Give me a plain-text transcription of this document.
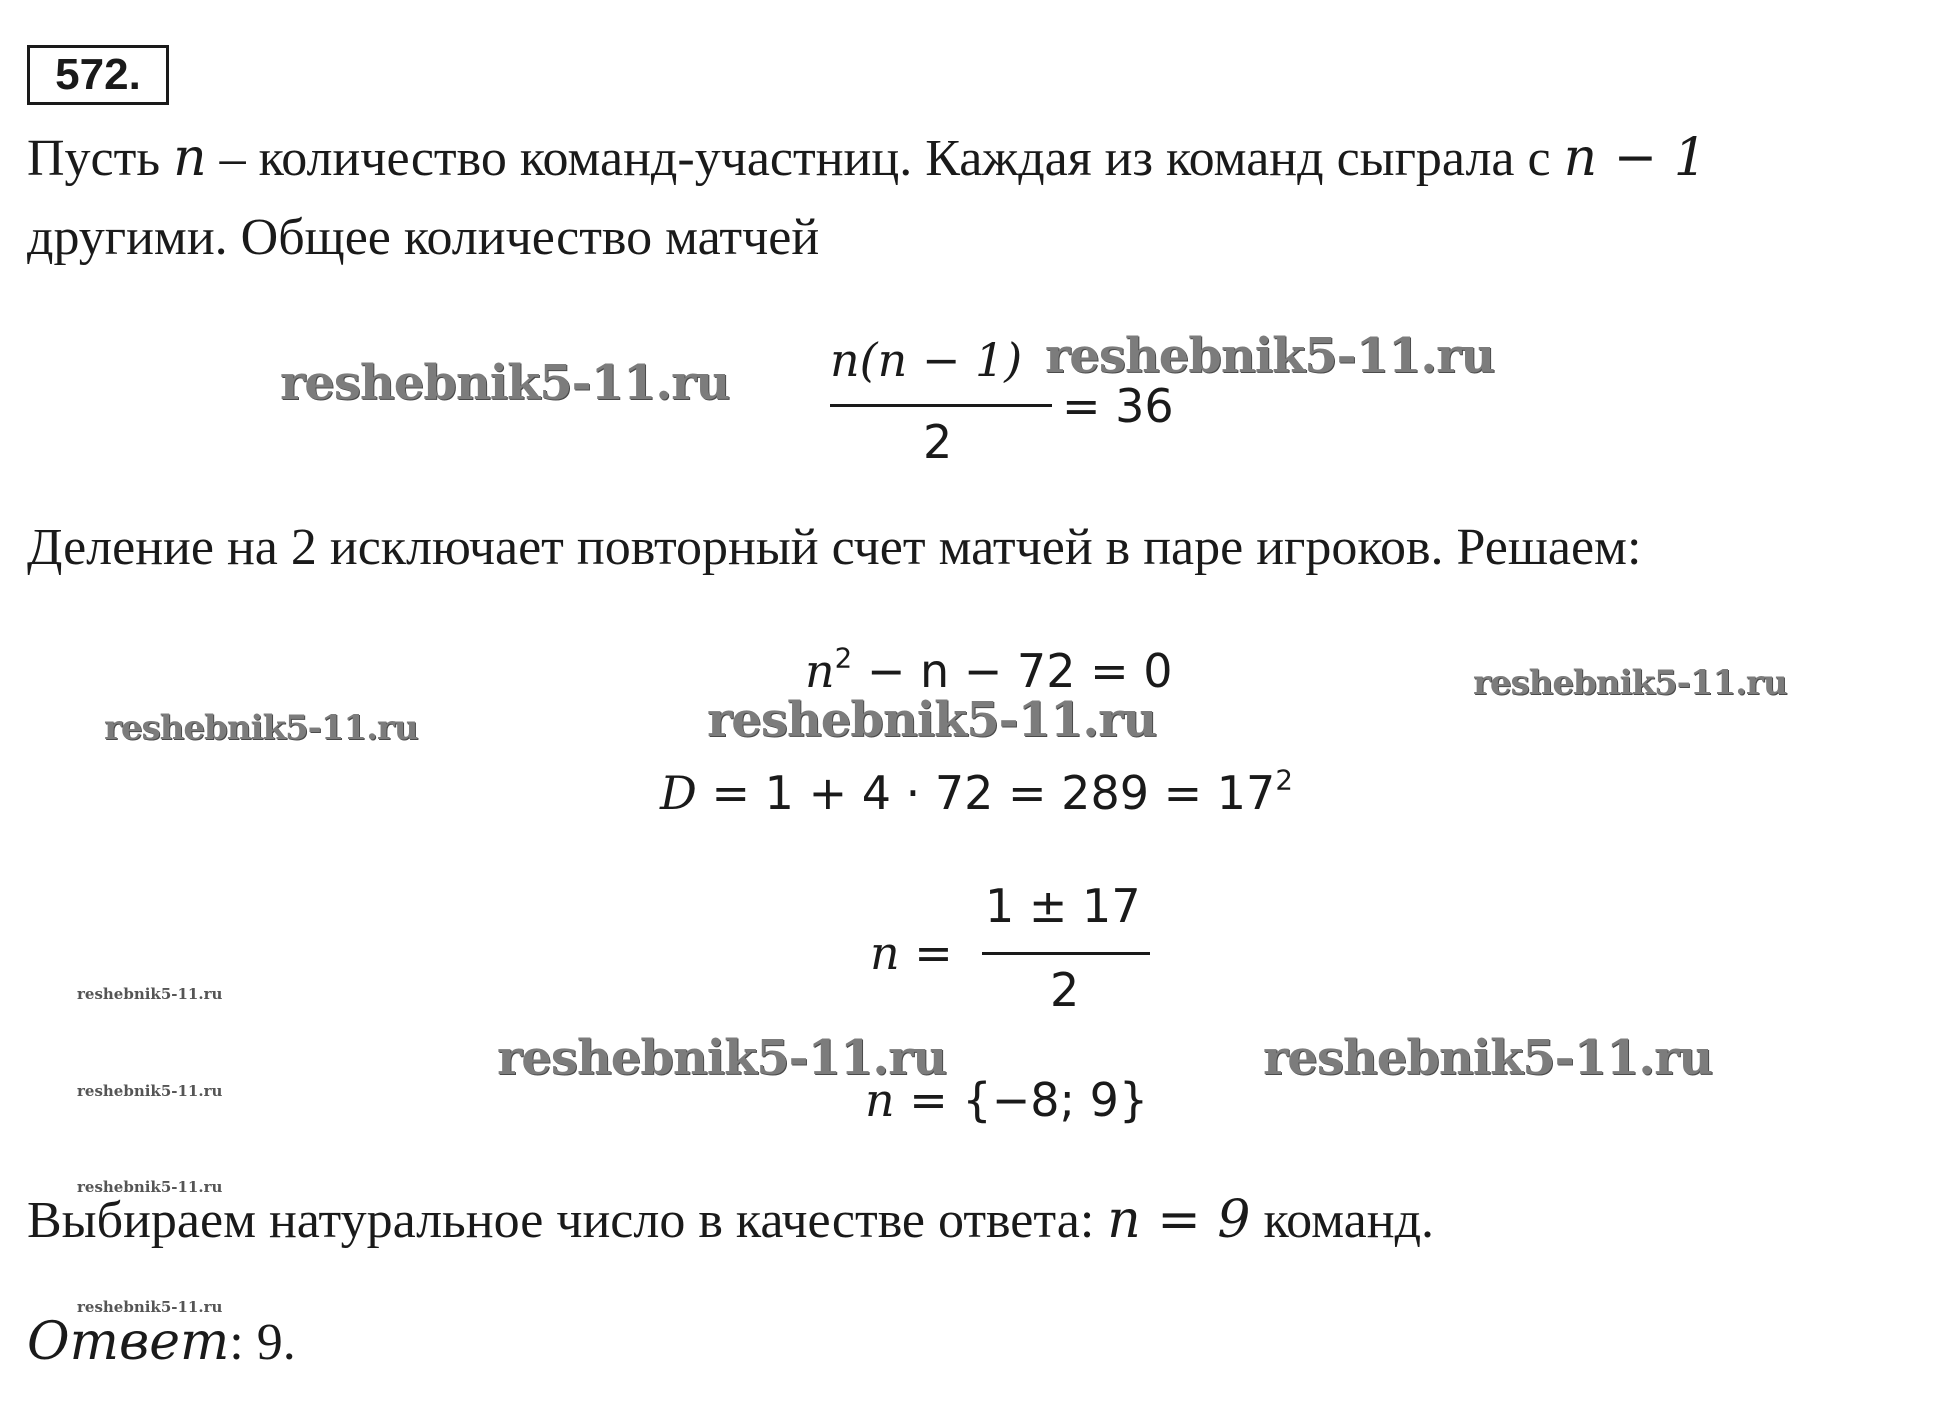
572.
Пусть n – количество команд-участниц. Каждая из команд сыграла с n − 1
другими. Общее количество матчей
n(n − 1)
2
= 36
Деление на 2 исключает повторный счет матчей в паре игроков. Решаем:
$n^2 - n - 72 = 0$
$D = 1 + 4 \cdot 72 = 289 = 17^2$
n =
1 ± 17
2
n = {−8; 9}
Выбираем натуральное число в качестве ответа: n = 9 команд.
Ответ: 9.
reshebnik5-11.ru	reshebnik5-11.ru
reshebnik5-11.ru
reshebnik5-11.ru	reshebnik5-11.ru
reshebnik5-11.ru	reshebnik5-11.ru
reshebnik5-11.ru
reshebnik5-11.ru
reshebnik5-11.ru
reshebnik5-11.ru
